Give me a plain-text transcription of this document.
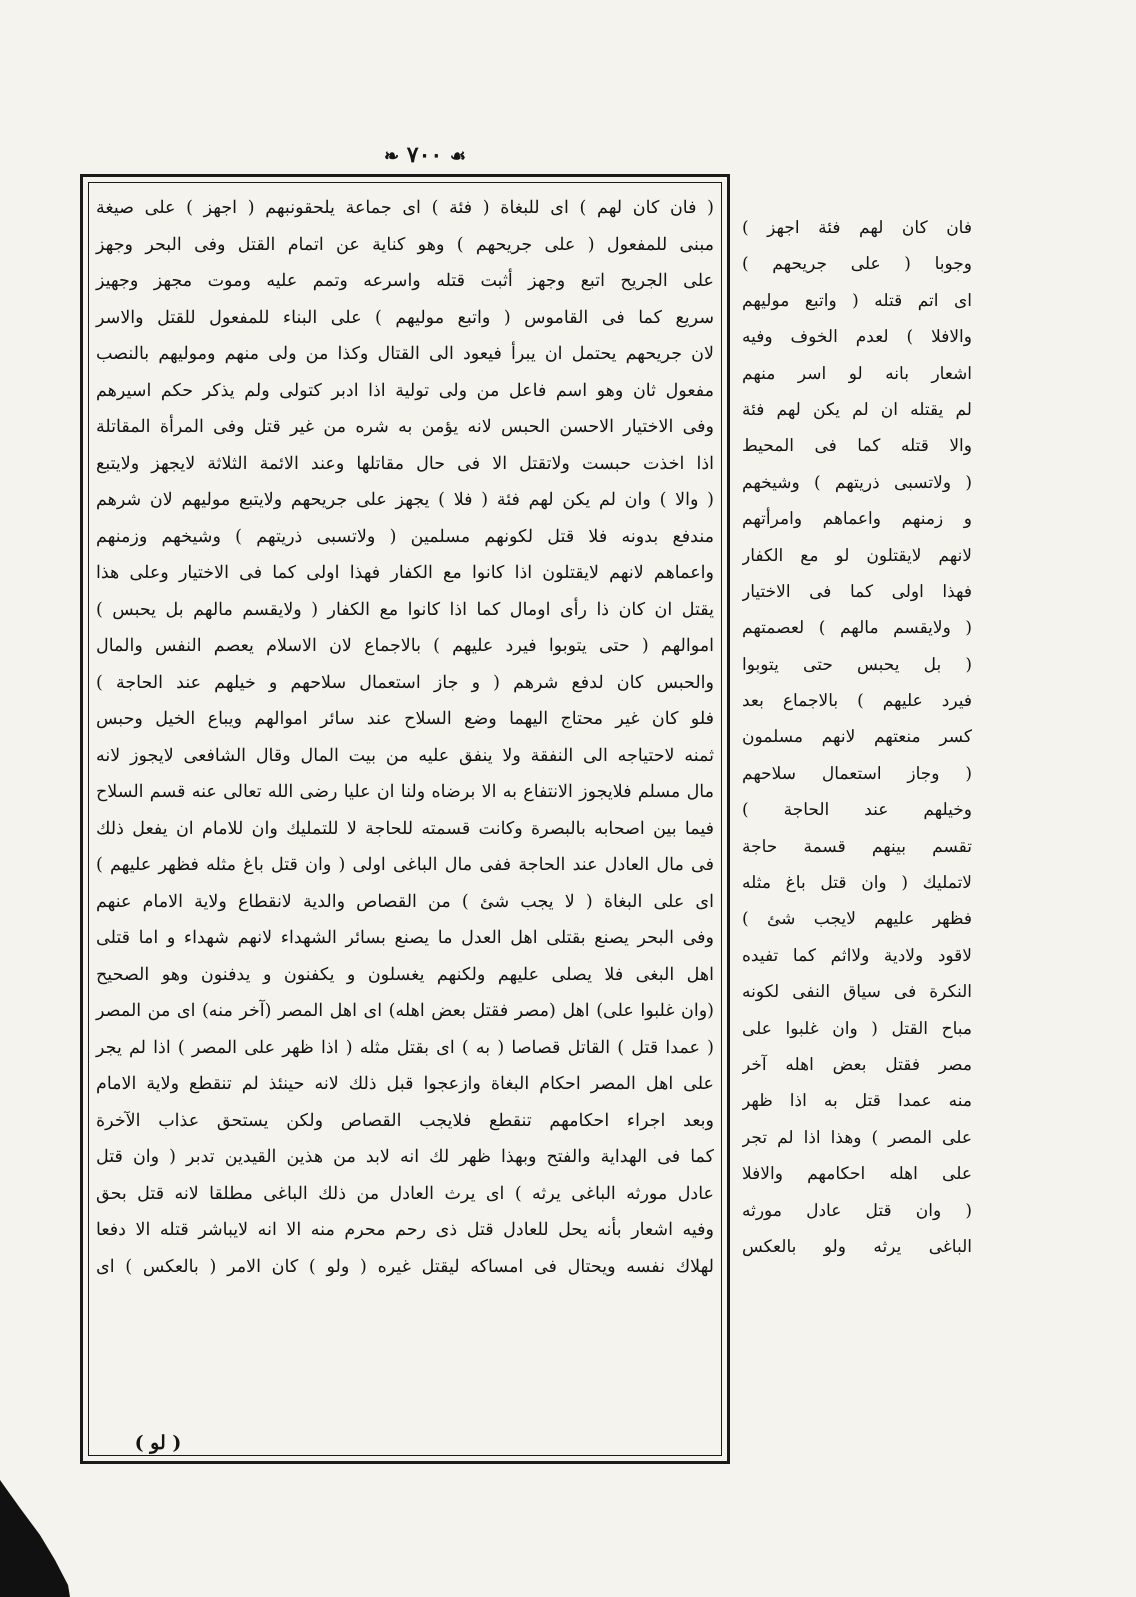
❧ ٧٠٠ ☙
( فان كان لهم ) اى للبغاة ( فئة ) اى جماعة يلحقونبهم ( اجهز ) على صيغة
مبنى للمفعول ( على جريحهم ) وهو كناية عن اتمام القتل وفى البحر وجهز
على الجريح اتبع وجهز أثبت قتله واسرعه وتمم عليه وموت مجهز وجهيز
سريع كما فى القاموس ( واتبع موليهم ) على البناء للمفعول للقتل والاسر
لان جريحهم يحتمل ان يبرأ فيعود الى القتال وكذا من ولى منهم وموليهم بالنصب
مفعول ثان وهو اسم فاعل من ولى تولية اذا ادبر كتولى ولم يذكر حكم اسيرهم
وفى الاختيار الاحسن الحبس لانه يؤمن به شره من غير قتل وفى المرأة المقاتلة
اذا اخذت حبست ولاتقتل الا فى حال مقاتلها وعند الائمة الثلاثة لايجهز ولايتبع
( والا ) وان لم يكن لهم فئة ( فلا ) يجهز على جريحهم ولايتبع موليهم لان شرهم
مندفع بدونه فلا قتل لكونهم مسلمين ( ولاتسبى ذريتهم ) وشيخهم وزمنهم
واعماهم لانهم لايقتلون اذا كانوا مع الكفار فهذا اولى كما فى الاختيار وعلى هذا
يقتل ان كان ذا رأى اومال كما اذا كانوا مع الكفار ( ولايقسم مالهم بل يحبس )
اموالهم ( حتى يتوبوا فيرد عليهم ) بالاجماع لان الاسلام يعصم النفس والمال
والحبس كان لدفع شرهم ( و جاز استعمال سلاحهم و خيلهم عند الحاجة )
فلو كان غير محتاج اليهما وضع السلاح عند سائر اموالهم ويباع الخيل وحبس
ثمنه لاحتياجه الى النفقة ولا ينفق عليه من بيت المال وقال الشافعى لايجوز لانه
مال مسلم فلايجوز الانتفاع به الا برضاه ولنا ان عليا رضى الله تعالى عنه قسم السلاح
فيما بين اصحابه بالبصرة وكانت قسمته للحاجة لا للتمليك وان للامام ان يفعل ذلك
فى مال العادل عند الحاجة ففى مال الباغى اولى ( وان قتل باغ مثله فظهر عليهم )
اى على البغاة ( لا يجب شئ ) من القصاص والدية لانقطاع ولاية الامام عنهم
وفى البحر يصنع بقتلى اهل العدل ما يصنع بسائر الشهداء لانهم شهداء و اما قتلى
اهل البغى فلا يصلى عليهم ولكنهم يغسلون و يكفنون و يدفنون وهو الصحيح
(وان غلبوا على) اهل (مصر فقتل بعض اهله) اى اهل المصر (آخر منه) اى من المصر
( عمدا قتل ) القاتل قصاصا ( به ) اى بقتل مثله ( اذا ظهر على المصر ) اذا لم يجر
على اهل المصر احكام البغاة وازعجوا قبل ذلك لانه حينئذ لم تنقطع ولاية الامام
وبعد اجراء احكامهم تنقطع فلايجب القصاص ولكن يستحق عذاب الآخرة
كما فى الهداية والفتح وبهذا ظهر لك انه لابد من هذين القيدين تدبر ( وان قتل
عادل مورثه الباغى يرثه ) اى يرث العادل من ذلك الباغى مطلقا لانه قتل بحق
وفيه اشعار بأنه يحل للعادل قتل ذى رحم محرم منه الا انه لايباشر قتله الا دفعا
لهلاك نفسه ويحتال فى امساكه ليقتل غيره ( ولو ) كان الامر ( بالعكس ) اى
فان كان لهم فئة اجهز )
وجوبا ( على جريحهم )
اى اتم قتله ( واتبع موليهم
والافلا ) لعدم الخوف وفيه
اشعار بانه لو اسر منهم
لم يقتله ان لم يكن لهم فئة
والا قتله كما فى المحيط
( ولاتسبى ذريتهم ) وشيخهم
و زمنهم واعماهم وامرأتهم
لانهم لايقتلون لو مع الكفار
فهذا اولى كما فى الاختيار
( ولايقسم مالهم ) لعصمتهم
( بل يحبس حتى يتوبوا
فيرد عليهم ) بالاجماع بعد
كسر منعتهم لانهم مسلمون
( وجاز استعمال سلاحهم
وخيلهم عند الحاجة )
تقسم بينهم قسمة حاجة
لاتمليك ( وان قتل باغ مثله
فظهر عليهم لايجب شئ )
لاقود ولادية ولااثم كما تفيده
النكرة فى سياق النفى لكونه
مباح القتل ( وان غلبوا على
مصر فقتل بعض اهله آخر
منه عمدا قتل به اذا ظهر
على المصر ) وهذا اذا لم تجر
على اهله احكامهم والافلا
( وان قتل عادل مورثه
الباغى يرثه ولو بالعكس
( لو )
